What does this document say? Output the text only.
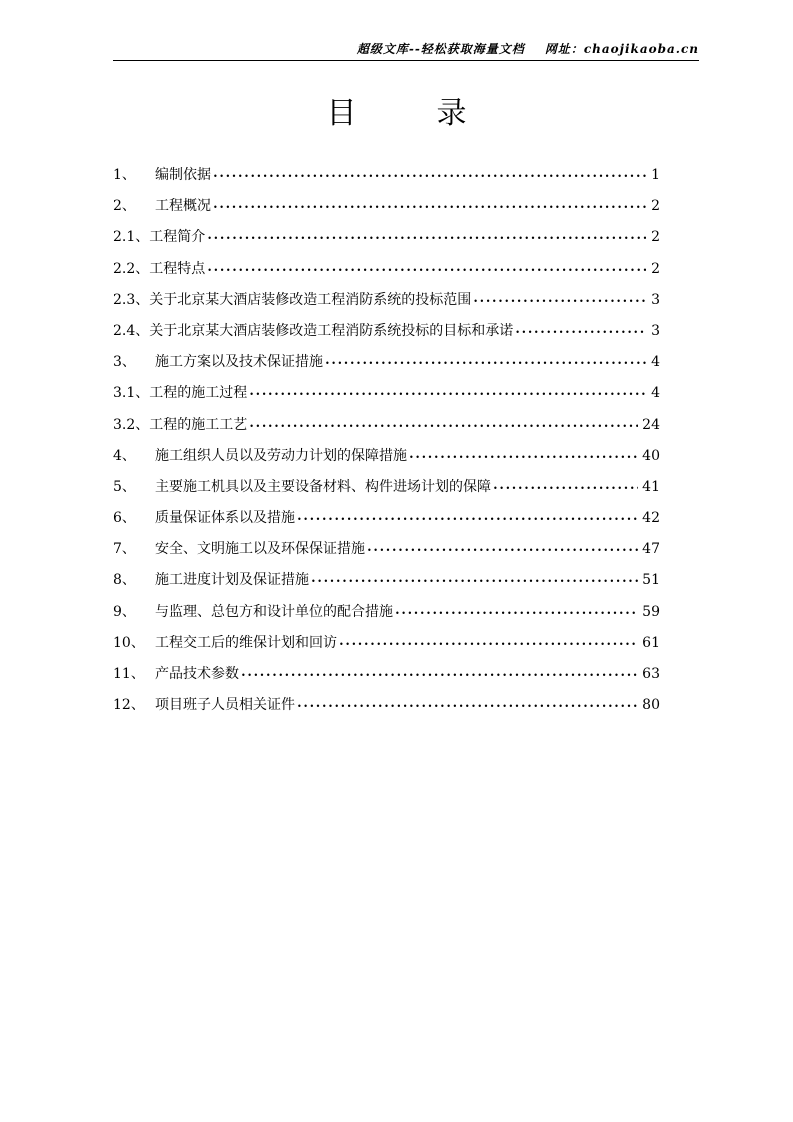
超级文库--轻松获取海量文档 网址：chaojikaoba.cn
目录
1、	编制依据 •••••	1
2、	工程概况 •••••	2
2.1、 工程简介 •••••	2
2.2、 工程特点 •••••	2
2.3、 关于北京某大酒店装修改造工程消防系统的投标范围 •••••	3
2.4、 关于北京某大酒店装修改造工程消防系统投标的目标和承诺 •••••	3
3、	施工方案以及技术保证措施 •••••	4
3.1、 工程的施工过程 •••••	4
3.2、 工程的施工工艺 •••••	24
4、	施工组织人员以及劳动力计划的保障措施 •••••	40
5、	主要施工机具以及主要设备材料、构件进场计划的保障 •••••	41
6、	质量保证体系以及措施 •••••	42
7、	安全、文明施工以及环保保证措施 •••••	47
8、	施工进度计划及保证措施 •••••	51
9、	与监理、总包方和设计单位的配合措施 •••••	59
10、 工程交工后的维保计划和回访 •••••	61
11、 产品技术参数 •••••	63
12、 项目班子人员相关证件 •••••	80
